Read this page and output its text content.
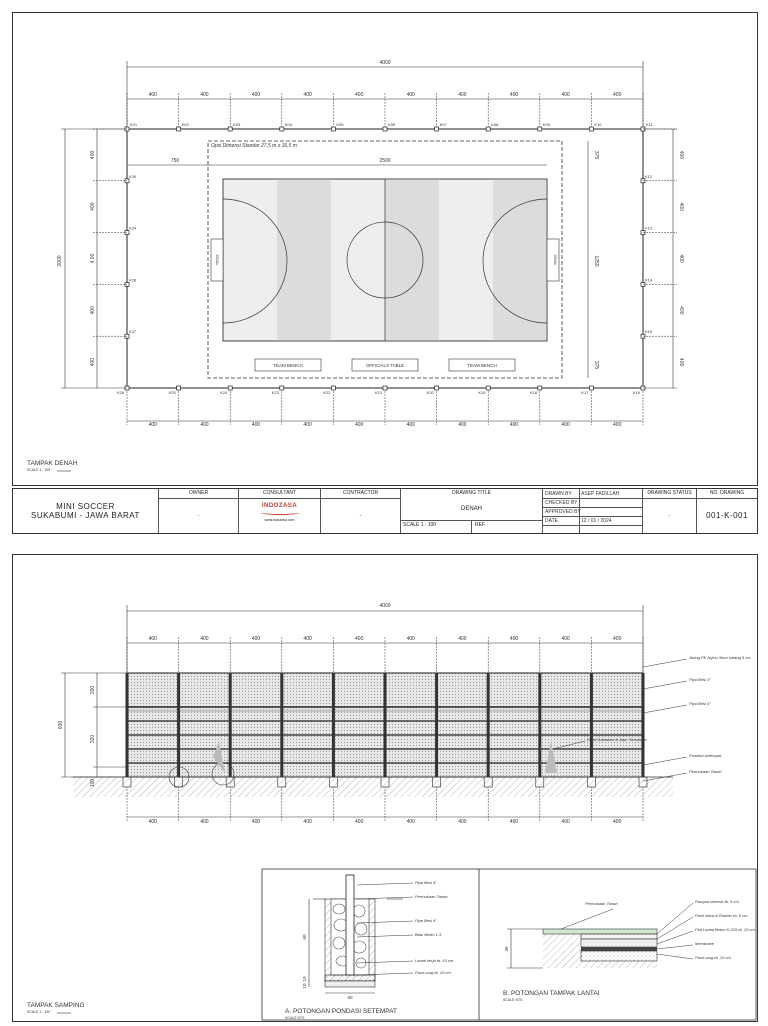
4000
400	400	400	400	400	400	400	400	400	400
400	400	400	400	400	400	400	400	400	400
K01
K26
K02
K25
K03
K24
K04
K23
K05
K22
K06
K21
K07
K20
K08
K19
K09
K18
K10
K17
K11
K16
K30	K12
K29	K13
K28	K14
K27	K15
2000
400
400
4.00
400
400
400
400
400
400
400
375
1250
375
Opsi Dimensi Standar 27,5 m x 16,5 m
750	2500
GOAL	GOAL
TEAM BENCH	OFFICIALS TABLE	TEAM BENCH
TAMPAK DENAH
SCALE 1 : 100
MINI SOCCER
SUKABUMI - JAWA BARAT
OWNER
-
CONSULTANT
INDOZASA
www.indozasa.com
CONTRACTOR
-
DRAWING TITLE
DENAH
SCALE 1 : 100	REF.
DRAWN BY ASEP FADILLAH
CHECKED BY
APPROVED BY
DATE	12 / 01 / 2024
DRAWING STATUS
-
NO. DRAWING
001-K-001
4000
400	400	400	400	400	400	400	400	400	400
400	400	400	400	400	400	400	400	400	400
600
200
320
Jaring PE Nylon 3mm lubang 5 cm
Pipa Besi 3"
Pipa Besi 4"
Steel Galvalum & Jala / Shouldon
Pondasi setempat
Permukaan Tanah
TAMPAK SAMPING
SCALE 1 : 100
60
10
10
60
Pipa Besi 4"
Permukaan Tanah
Pipa Besi 4"
Batu Belah 1:3
Lantai kerja tb. 10 cm
Pasir urug tb. 10 cm
A. POTONGAN PONDASI SETEMPAT
SCALE NTS
30
Permukaan Tanah	Rumput sintesis tb. 5 cm
Pasir silica & Rubber tb. 5 cm
Plat Lantai Beton K-225 tb. 10 cm
Membrane
Pasir urug tb. 10 cm
B. POTONGAN TAMPAK LANTAI
SCALE NTS
